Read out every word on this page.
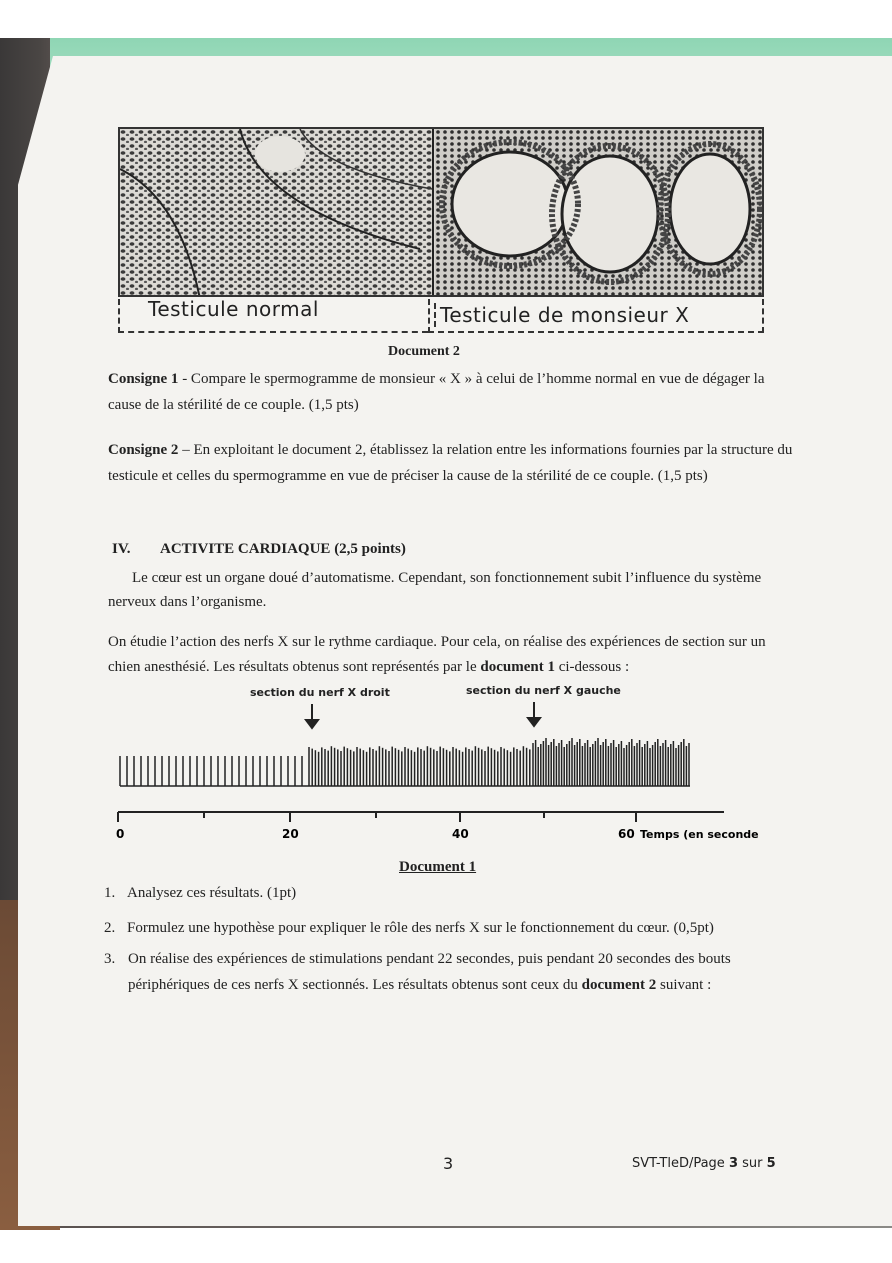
Testicule normal	Testicule de monsieur X
Document 2
Consigne 1 - Compare le spermogramme de monsieur « X » à celui de l’homme normal en vue de dégager la cause de la stérilité de ce couple. (1,5 pts)
Consigne 2 – En exploitant le document 2, établissez la relation entre les informations fournies par la structure du testicule et celles du spermogramme en vue de préciser la cause de la stérilité de ce couple. (1,5 pts)
IV. ACTIVITE CARDIAQUE (2,5 points)
Le cœur est un organe doué d’automatisme. Cependant, son fonctionnement subit l’influence du système nerveux dans l’organisme.
On étudie l’action des nerfs X sur le rythme cardiaque. Pour cela, on réalise des expériences de section sur un chien anesthésié. Les résultats obtenus sont représentés par le document 1 ci-dessous :
section du nerf X droit	section du nerf X gauche
0	20	40	60 Temps (en seconde
Document 1
1. Analysez ces résultats. (1pt)
2. Formulez une hypothèse pour expliquer le rôle des nerfs X sur le fonctionnement du cœur. (0,5pt)
3. On réalise des expériences de stimulations pendant 22 secondes, puis pendant 20 secondes des bouts périphériques de ces nerfs X sectionnés. Les résultats obtenus sont ceux du document 2 suivant :
3	SVT-TleD/Page 3 sur 5
